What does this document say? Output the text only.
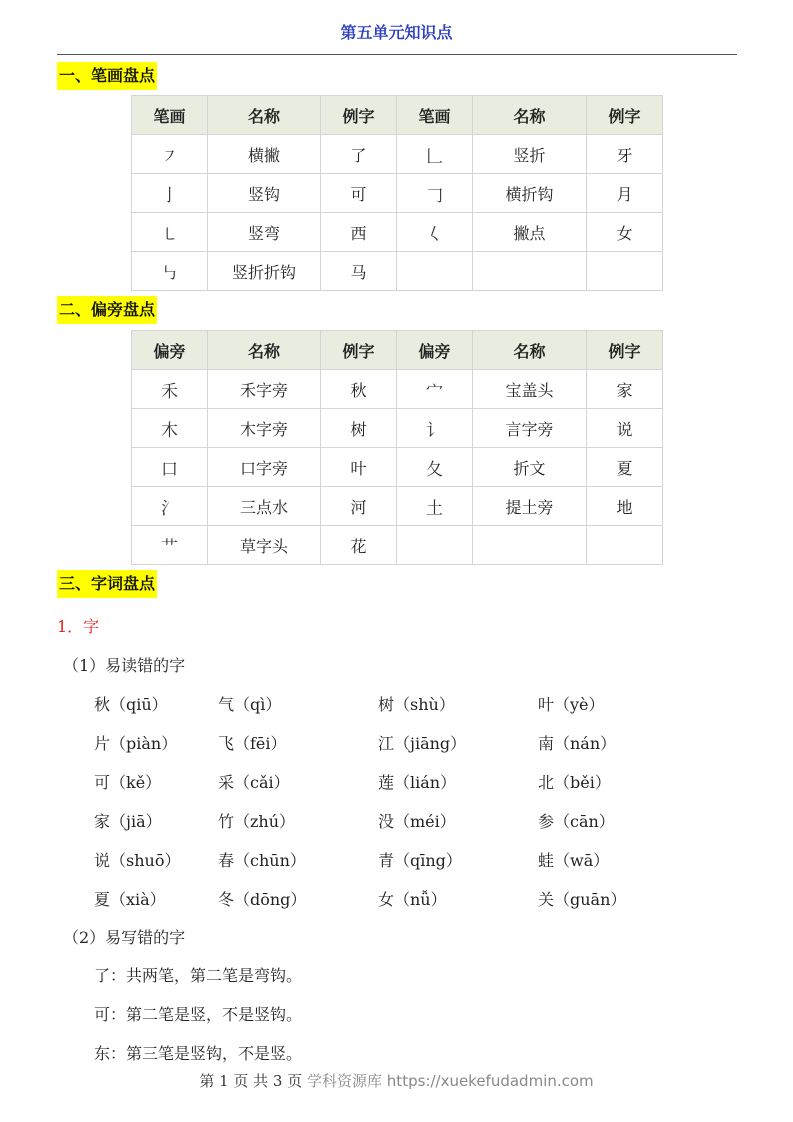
第五单元知识点
一、笔画盘点
笔画	名称	例字	笔画	名称	例字
㇇	横撇	了	𠃊	竖折	牙
亅	竖钩	可	𠃌	横折钩	月
㇄	竖弯	西	𡿨	撇点	女
㇉	竖折折钩	马			
二、偏旁盘点
偏旁	名称	例字	偏旁	名称	例字
禾	禾字旁	秋	宀	宝盖头	家
木	木字旁	树	讠	言字旁	说
口	口字旁	叶	夂	折文	夏
氵	三点水	河	土	提土旁	地
艹	草字头	花			
三、字词盘点
1．字
（1）易读错的字
秋（qiū）	气（qì）	树（shù）	叶（yè）
片（piàn）	飞（fēi）	江（jiāng）	南（nán）
可（kě）	采（cǎi）	莲（lián）	北（běi）
家（jiā）	竹（zhú）	没（méi）	参（cān）
说（shuō） 春（chūn）	青（qīng）	蛙（wā）
夏（xià）	冬（dōng）	女（nǚ）	关（guān）
（2）易写错的字
了：共两笔，第二笔是弯钩。
可：第二笔是竖，不是竖钩。
东：第三笔是竖钩，不是竖。
第 1 页 共 3 页 学科资源库 https://xuekefudadmin.com
